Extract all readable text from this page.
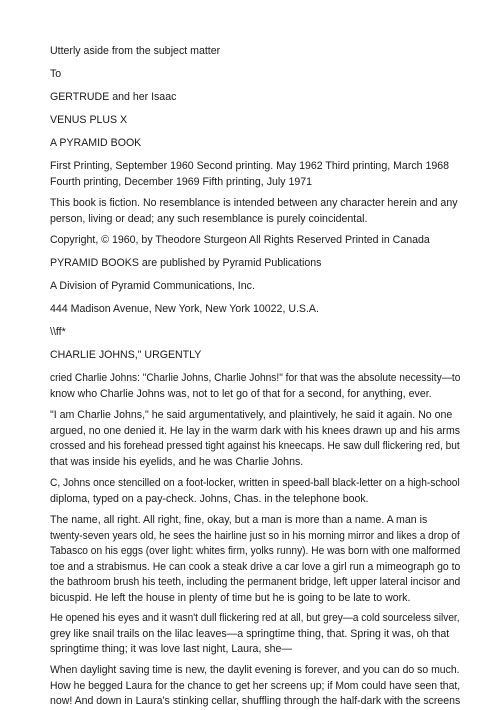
Utterly aside from the subject matter

To

GERTRUDE and her Isaac

VENUS PLUS X

A PYRAMID BOOK

First Printing, September 1960 Second printing. May 1962 Third printing, March 1968
Fourth printing, December 1969 Fifth printing, July 1971

This book is fiction. No resemblance is intended between any character herein and any
person, living or dead; any such resemblance is purely coincidental.

Copyright, © 1960, by Theodore Sturgeon All Rights Reserved Printed in Canada

PYRAMID BOOKS are published by Pyramid Publications

A Division of Pyramid Communications, Inc.

444 Madison Avenue, New York, New York 10022, U.S.A.

\\ff*

CHARLIE JOHNS," URGENTLY

cried Charlie Johns: "Charlie Johns, Charlie Johns!" for that was the absolute necessity—to
know who Charlie Johns was, not to let go of that for a second, for anything, ever.

"I am Charlie Johns," he said argumentatively, and plaintively, he said it again. No one
argued, no one denied it. He lay in the warm dark with his knees drawn up and his arms
crossed and his forehead pressed tight against his kneecaps. He saw dull flickering red, but
that was inside his eyelids, and he was Charlie Johns.

C, Johns once stencilled on a foot-locker, written in speed-ball black-letter on a high-school
diploma, typed on a pay-check. Johns, Chas. in the telephone book.

The name, all right. All right, fine, okay, but a man is more than a name. A man is
twenty-seven years old, he sees the hairline just so in his morning mirror and likes a drop of
Tabasco on his eggs (over light: whites firm, yolks runny). He was born with one malformed
toe and a strabismus. He can cook a steak drive a car love a girl run a mimeograph go to
the bathroom brush his teeth, including the permanent bridge, left upper lateral incisor and
bicuspid. He left the house in plenty of time but he is going to be late to work.

He opened his eyes and it wasn't dull flickering red at all, but grey—a cold sourceless silver,
grey like snail trails on the lilac leaves—a springtime thing, that. Spring it was, oh that
springtime thing; it was love last night, Laura, she—

When daylight saving time is new, the daylit evening is forever, and you can do so much.
How he begged Laura for the chance to get her screens up; if Mom could have seen that,
now! And down in Laura's stinking cellar, shuffling through the half-dark with the screens
